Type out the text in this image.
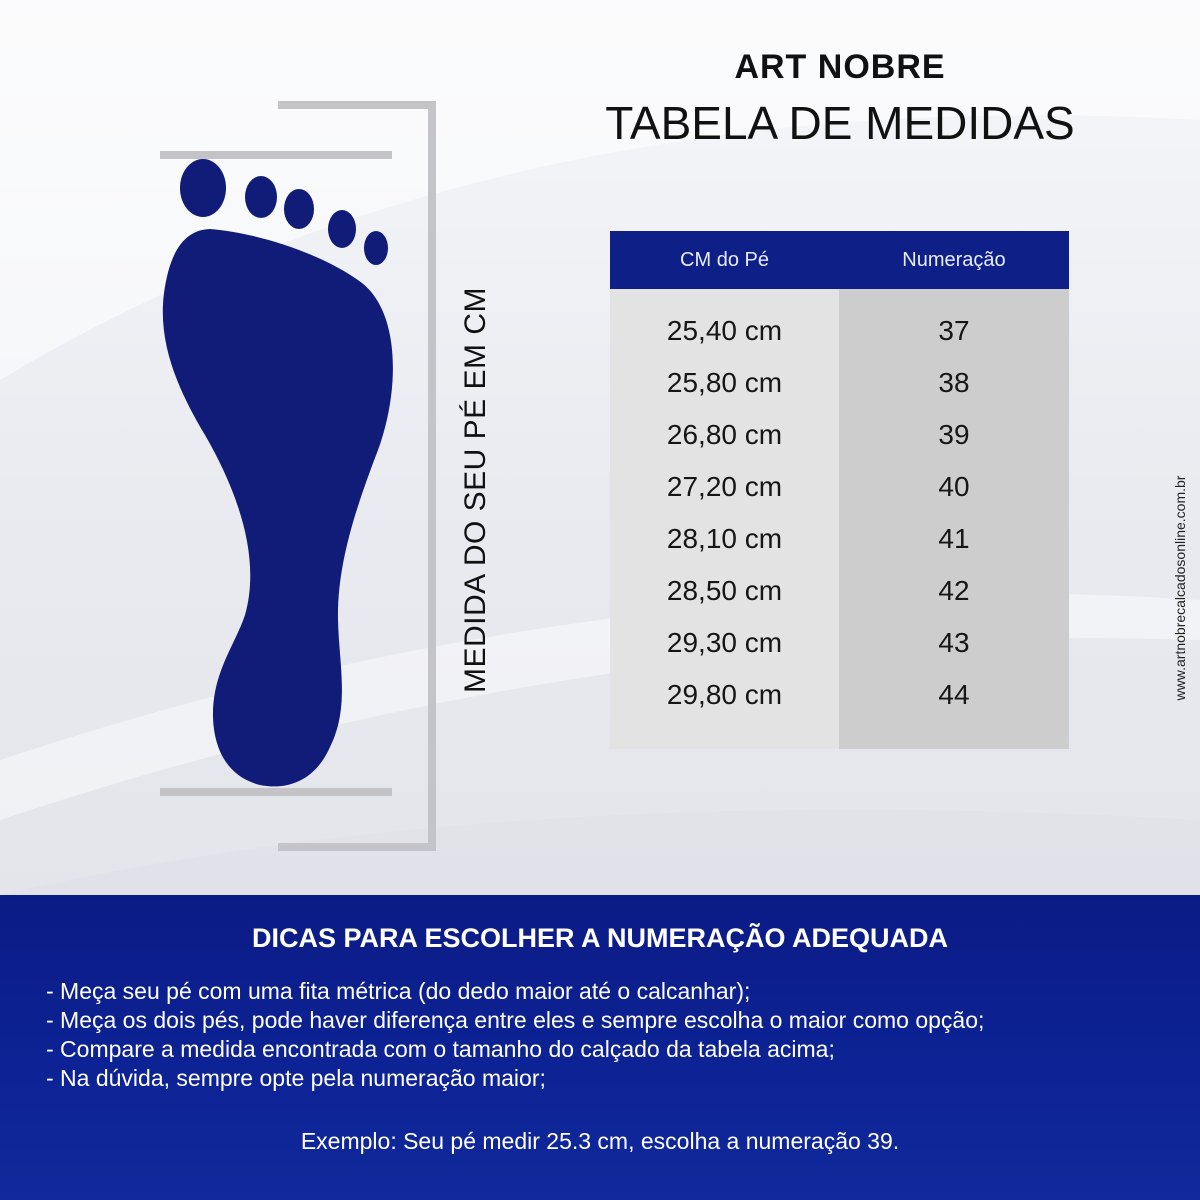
ART NOBRE
TABELA DE MEDIDAS
MEDIDA DO SEU PÉ EM CM
CM do Pé	Numeração
25,40 cm	37
25,80 cm	38
26,80 cm	39
27,20 cm	40
28,10 cm	41
28,50 cm	42
29,30 cm	43
29,80 cm	44	www.artnobrecalcadosonline.com.br
DICAS PARA ESCOLHER A NUMERAÇÃO ADEQUADA
- Meça seu pé com uma fita métrica (do dedo maior até o calcanhar);
- Meça os dois pés, pode haver diferença entre eles e sempre escolha o maior como opção;
- Compare a medida encontrada com o tamanho do calçado da tabela acima;
- Na dúvida, sempre opte pela numeração maior;
Exemplo: Seu pé medir 25.3 cm, escolha a numeração 39.
